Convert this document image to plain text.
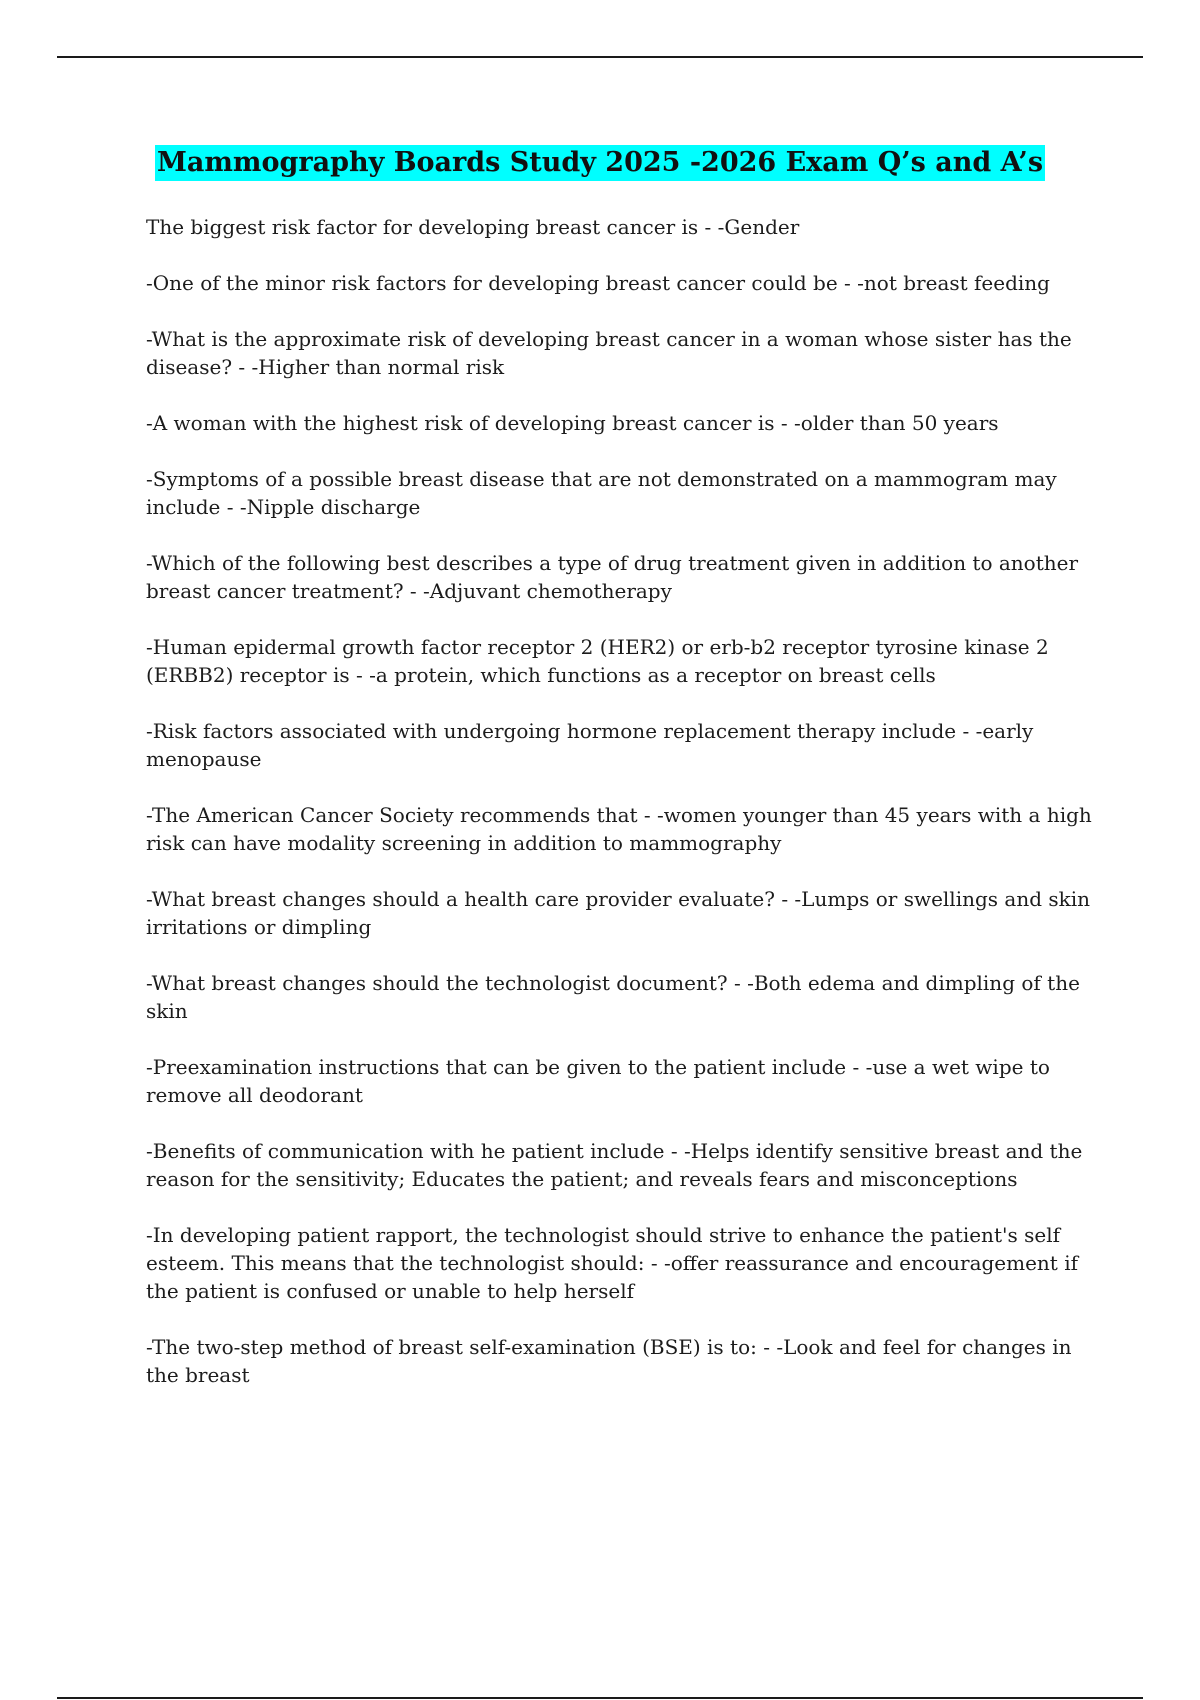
Mammography Boards Study 2025 -2026 Exam Q’s and A’s
The biggest risk factor for developing breast cancer is - -Gender
-One of the minor risk factors for developing breast cancer could be - -not breast feeding
-What is the approximate risk of developing breast cancer in a woman whose sister has the disease? - -Higher than normal risk
-A woman with the highest risk of developing breast cancer is - -older than 50 years
-Symptoms of a possible breast disease that are not demonstrated on a mammogram may include - -Nipple discharge
-Which of the following best describes a type of drug treatment given in addition to another breast cancer treatment? - -Adjuvant chemotherapy
-Human epidermal growth factor receptor 2 (HER2) or erb-b2 receptor tyrosine kinase 2 (ERBB2) receptor is - -a protein, which functions as a receptor on breast cells
-Risk factors associated with undergoing hormone replacement therapy include - -early menopause
-The American Cancer Society recommends that - -women younger than 45 years with a high risk can have modality screening in addition to mammography
-What breast changes should a health care provider evaluate? - -Lumps or swellings and skin irritations or dimpling
-What breast changes should the technologist document? - -Both edema and dimpling of the skin
-Preexamination instructions that can be given to the patient include - -use a wet wipe to remove all deodorant
-Benefits of communication with he patient include - -Helps identify sensitive breast and the reason for the sensitivity; Educates the patient; and reveals fears and misconceptions
-In developing patient rapport, the technologist should strive to enhance the patient's self esteem. This means that the technologist should: - -offer reassurance and encouragement if the patient is confused or unable to help herself
-The two-step method of breast self-examination (BSE) is to: - -Look and feel for changes in the breast
